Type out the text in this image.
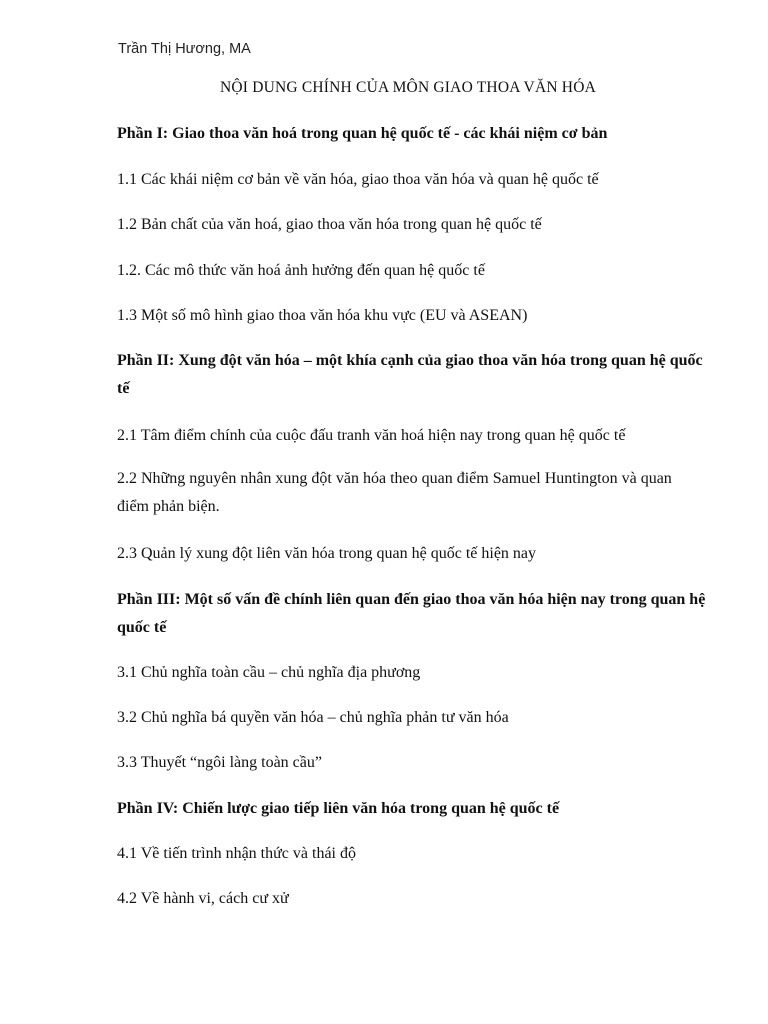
Trần Thị Hương, MA
NỘI DUNG CHÍNH CỦA MÔN GIAO THOA VĂN HÓA
Phần I: Giao thoa văn hoá trong quan hệ quốc tế - các khái niệm cơ bản
1.1 Các khái niệm cơ bản về văn hóa, giao thoa văn hóa và quan hệ quốc tế
1.2 Bản chất của văn hoá, giao thoa văn hóa trong quan hệ quốc tế
1.2. Các mô thức văn hoá ảnh hưởng đến quan hệ quốc tế
1.3 Một số mô hình giao thoa văn hóa khu vực (EU và ASEAN)
Phần II: Xung đột văn hóa – một khía cạnh của giao thoa văn hóa trong quan hệ quốc tế
2.1 Tâm điểm chính của cuộc đấu tranh văn hoá hiện nay trong quan hệ quốc tế
2.2 Những nguyên nhân xung đột văn hóa theo quan điểm Samuel Huntington và quan điểm phản biện.
2.3 Quản lý xung đột liên văn hóa trong quan hệ quốc tế hiện nay
Phần III: Một số vấn đề chính liên quan đến giao thoa văn hóa hiện nay trong quan hệ quốc tế
3.1 Chủ nghĩa toàn cầu – chủ nghĩa địa phương
3.2 Chủ nghĩa bá quyền văn hóa – chủ nghĩa phản tư văn hóa
3.3 Thuyết “ngôi làng toàn cầu”
Phần IV: Chiến lược giao tiếp liên văn hóa trong quan hệ quốc tế
4.1 Về tiến trình nhận thức và thái độ
4.2 Về hành vi, cách cư xử
